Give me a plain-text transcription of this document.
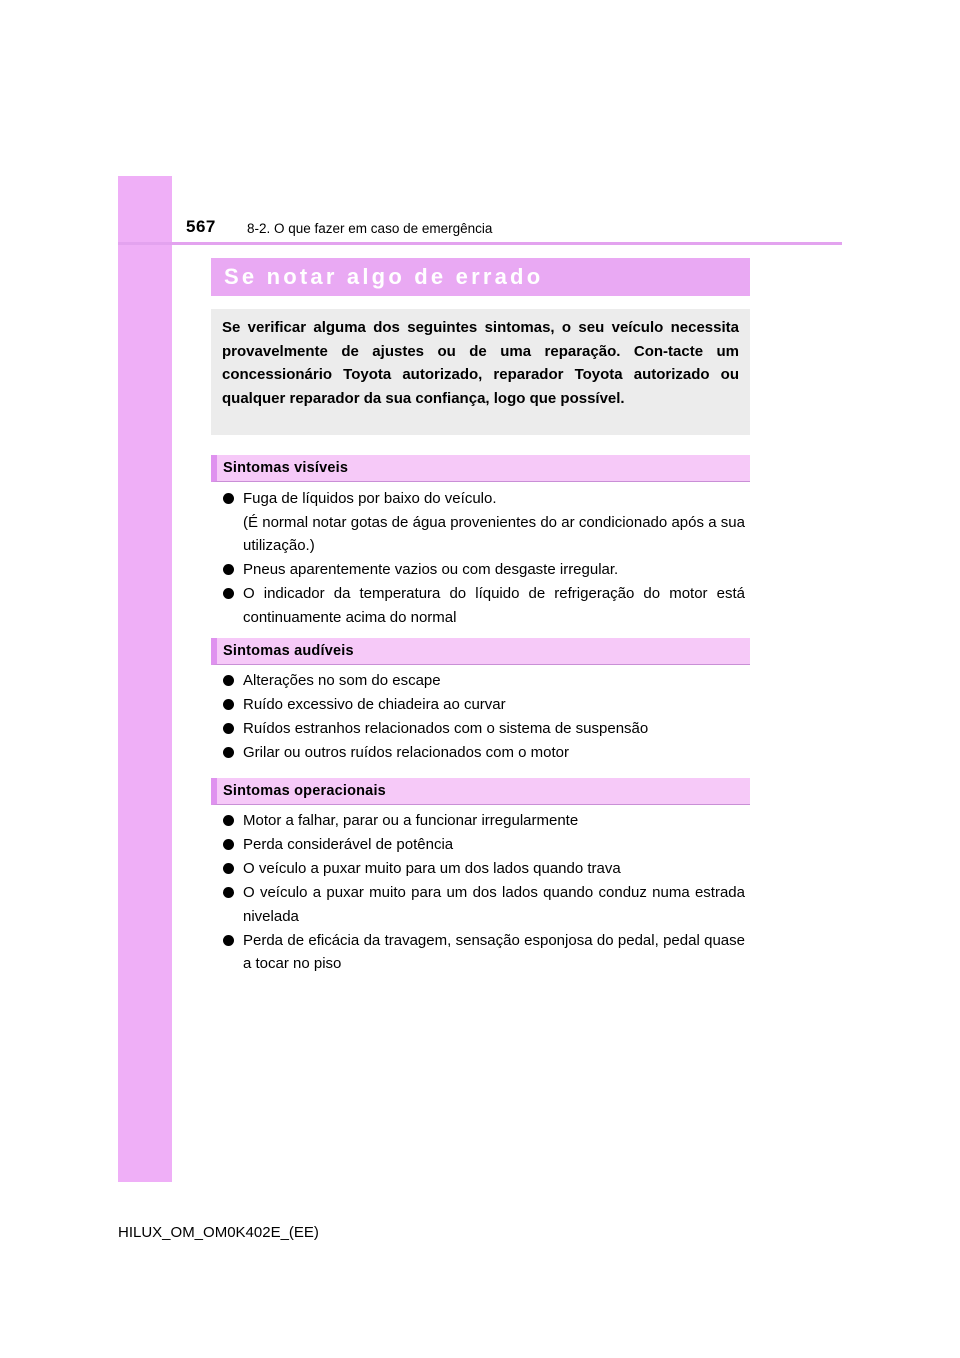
567 8-2. O que fazer em caso de emergência
Se notar algo de errado

Se verificar alguma dos seguintes sintomas, o seu veículo necessita provavelmente de ajustes ou de uma reparação. Con-tacte um concessionário Toyota autorizado, reparador Toyota autorizado ou qualquer reparador da sua confiança, logo que possível.

Sintomas visíveis
Fuga de líquidos por baixo do veículo.
(É normal notar gotas de água provenientes do ar condicionado após a sua utilização.)
Pneus aparentemente vazios ou com desgaste irregular.
O indicador da temperatura do líquido de refrigeração do motor está continuamente acima do normal
Sintomas audíveis
Alterações no som do escape
Ruído excessivo de chiadeira ao curvar
Ruídos estranhos relacionados com o sistema de suspensão
Grilar ou outros ruídos relacionados com o motor
Sintomas operacionais
Motor a falhar, parar ou a funcionar irregularmente
Perda considerável de potência
O veículo a puxar muito para um dos lados quando trava
O veículo a puxar muito para um dos lados quando conduz numa estrada nivelada
Perda de eficácia da travagem, sensação esponjosa do pedal, pedal quase a tocar no piso
HILUX_OM_OM0K402E_(EE)
